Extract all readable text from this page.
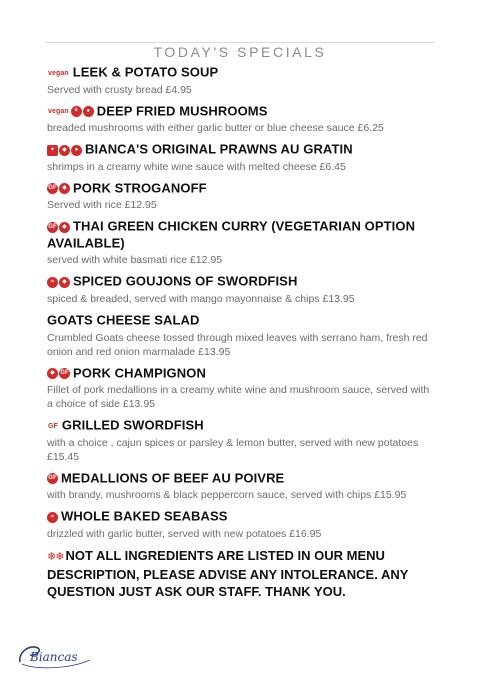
TODAY'S SPECIALS
vegan LEEK & POTATO SOUP
Served with crusty bread £4.95
vegan ⚘ ● DEEP FRIED MUSHROOMS
breaded mushrooms with either garlic butter or blue cheese sauce £6.25
✦ ◆ ● BIANCA'S ORIGINAL PRAWNS AU GRATIN
shrimps in a creamy white wine sauce with melted cheese £6.45
GF ◆ PORK STROGANOFF
Served with rice £12.95
GF ◆ THAI GREEN CHICKEN CURRY (VEGETARIAN OPTION AVAILABLE)
served with white basmati rice £12.95
≈ ◆ SPICED GOUJONS OF SWORDFISH
spiced & breaded, served with mango mayonnaise & chips £13.95
GOATS CHEESE SALAD
Crumbled Goats cheese tossed through mixed leaves with serrano ham, fresh red onion and red onion marmalade £13.95
◆ GF PORK CHAMPIGNON
Fillet of pork medallions in a creamy white wine and mushroom sauce, served with a choice of side £13.95
GF GRILLED SWORDFISH
with a choice , cajun spices or parsley & lemon butter, served with new potatoes £15.45
GF MEDALLIONS OF BEEF AU POIVRE
with brandy, mushrooms & black peppercorn sauce, served with chips £15.95
≈ WHOLE BAKED SEABASS
drizzled with garlic butter, served with new potatoes £16.95
❄❄ NOT ALL INGREDIENTS ARE LISTED IN OUR MENU DESCRIPTION, PLEASE ADVISE ANY INTOLERANCE. ANY QUESTION JUST ASK OUR STAFF. THANK YOU.
Biancas
